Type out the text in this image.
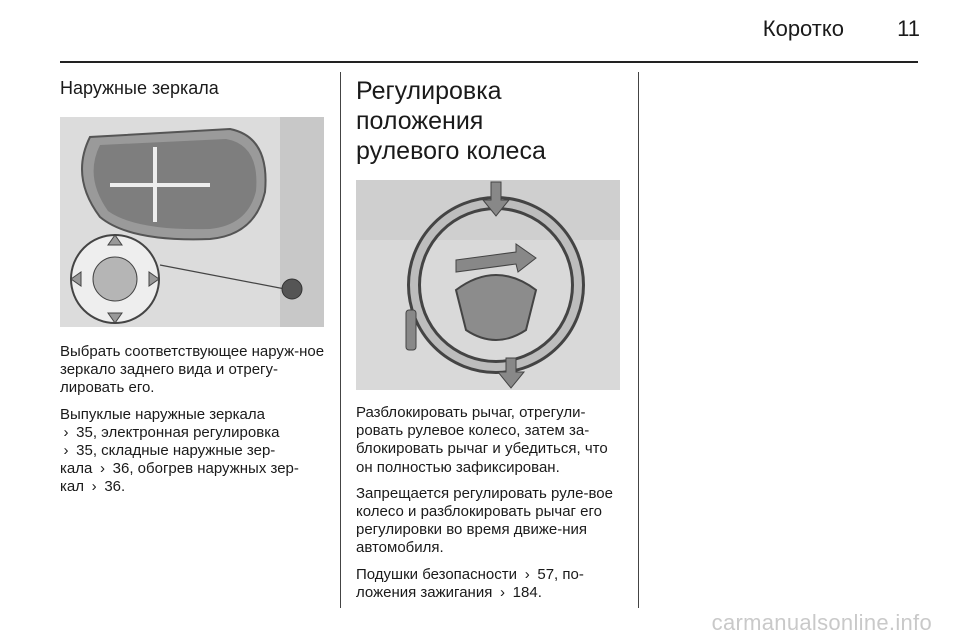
Коротко 11
Наружные зеркала

Выбрать соответствующее наруж-ное зеркало заднего вида и отрегу-лировать его.

Выпуклые наружные зеркала
› 35, электронная регулировка
› 35, складные наружные зер-
кала › 36, обогрев наружных зер-
кал › 36.

Регулировка положения
рулевого колеса

Разблокировать рычаг, отрегули-ровать рулевое колесо, затем за-блокировать рычаг и убедиться, что он полностью зафиксирован.

Запрещается регулировать руле-вое колесо и разблокировать рычаг его регулировки во время движе-ния автомобиля.

Подушки безопасности › 57, по-
ложения зажигания › 184.

carmanualsonline.info
